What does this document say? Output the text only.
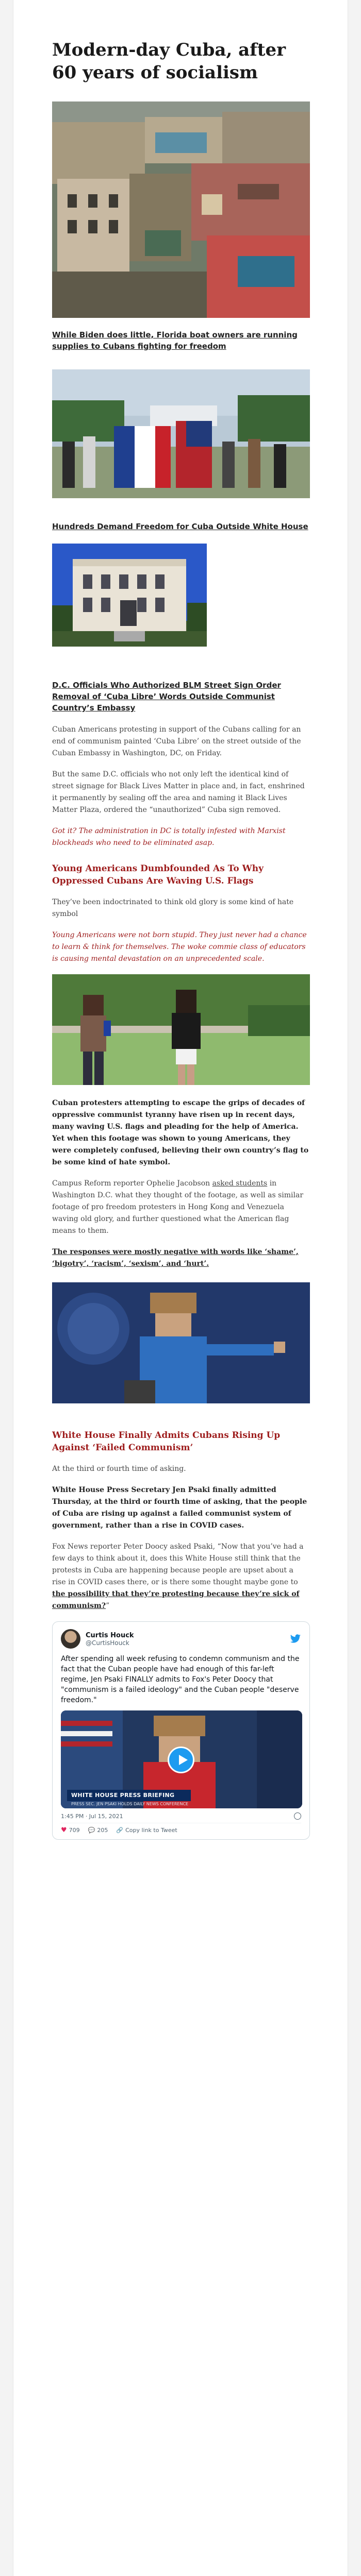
Modern-day Cuba, after 60 years of socialism
While Biden does little, Florida boat owners are running supplies to Cubans fighting for freedom
Hundreds Demand Freedom for Cuba Outside White House
D.C. Officials Who Authorized BLM Street Sign Order Removal of ‘Cuba Libre’ Words Outside Communist Country’s Embassy

Cuban Americans protesting in support of the Cubans calling for an end of communism painted ‘Cuba Libre’ on the street outside of the Cuban Embassy in Washington, DC, on Friday.

But the same D.C. officials who not only left the identical kind of street signage for Black Lives Matter in place and, in fact, enshrined it permanently by sealing off the area and naming it Black Lives Matter Plaza, ordered the “unauthorized” Cuba sign removed.

Got it? The administration in DC is totally infested with Marxist blockheads who need to be eliminated asap.

Young Americans Dumbfounded As To Why Oppressed Cubans Are Waving U.S. Flags

They’ve been indoctrinated to think old glory is some kind of hate symbol

Young Americans were not born stupid. They just never had a chance to learn & think for themselves. The woke commie class of educators is causing mental devastation on an unprecedented scale.

Cuban protesters attempting to escape the grips of decades of oppressive communist tyranny have risen up in recent days, many waving U.S. flags and pleading for the help of America. Yet when this footage was shown to young Americans, they were completely confused, believing their own country’s flag to be some kind of hate symbol.

Campus Reform reporter Ophelie Jacobson asked students in Washington D.C. what they thought of the footage, as well as similar footage of pro freedom protesters in Hong Kong and Venezuela waving old glory, and further questioned what the American flag means to them.

The responses were mostly negative with words like ‘shame’, ‘bigotry’, ‘racism’, ‘sexism’, and ‘hurt’.

White House Finally Admits Cubans Rising Up Against ‘Failed Communism’

At the third or fourth time of asking.

White House Press Secretary Jen Psaki finally admitted Thursday, at the third or fourth time of asking, that the people of Cuba are rising up against a failed communist system of government, rather than a rise in COVID cases.

Fox News reporter Peter Doocy asked Psaki, “Now that you’ve had a few days to think about it, does this White House still think that the protests in Cuba are happening because people are upset about a rise in COVID cases there, or is there some thought maybe gone to the possibility that they’re protesting because they’re sick of communism?”

Curtis Houck
@CurtisHouck
After spending all week refusing to condemn communism and the fact that the Cuban people have had enough of this far-left regime, Jen Psaki FINALLY admits to Fox's Peter Doocy that "communism is a failed ideology" and the Cuban people "deserve freedom."
WHITE HOUSE PRESS BRIEFING
PRESS SEC. JEN PSAKI HOLDS DAILY NEWS CONFERENCE
1:45 PM · Jul 15, 2021
♥ 709 💬 205 🔗 Copy link to Tweet
